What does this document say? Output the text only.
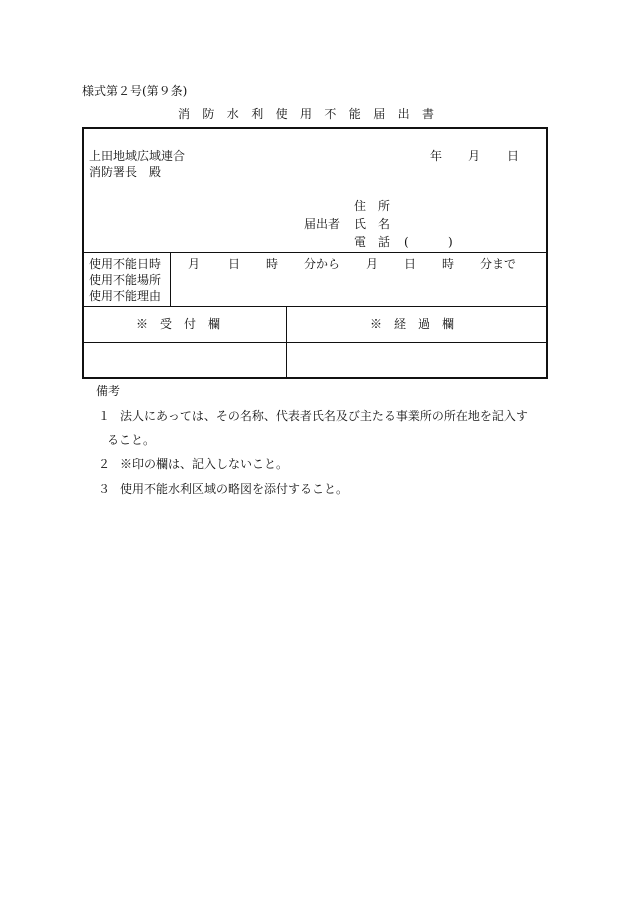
様式第２号(第９条)
消防水利使用不能届出書
上田地域広域連合
消防署長　殿
年 月 日
住　所
届出者 氏　名
電　話 (	)
使用不能日時
使用不能場所
使用不能理由
月 日 時 分から 月 日 時 分まで
※　受　付　欄	※　経　過　欄
備考
１ 法人にあっては、その名称、代表者氏名及び主たる事業所の所在地を記入す
ること。
２ ※印の欄は、記入しないこと。
３ 使用不能水利区域の略図を添付すること。
